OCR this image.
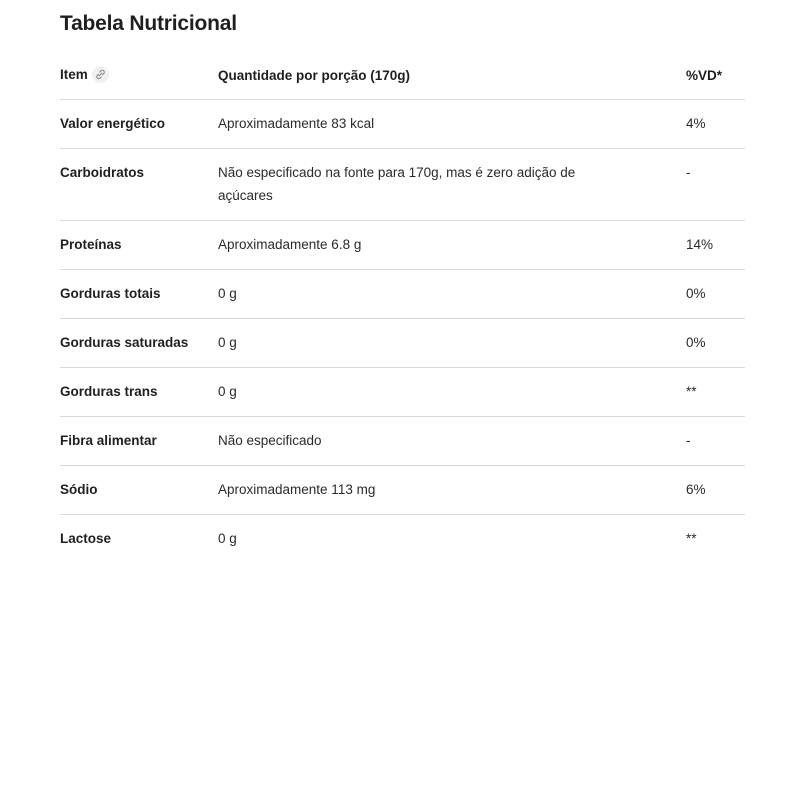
Tabela Nutricional
Item	Quantidade por porção (170g)	%VD*
Valor energético	Aproximadamente 83 kcal	4%
Carboidratos	Não especificado na fonte para 170g, mas é zero adição de açúcares	-
Proteínas	Aproximadamente 6.8 g	14%
Gorduras totais	0 g	0%
Gorduras saturadas	0 g	0%
Gorduras trans	0 g	**
Fibra alimentar	Não especificado	-
Sódio	Aproximadamente 113 mg	6%
Lactose	0 g	**
